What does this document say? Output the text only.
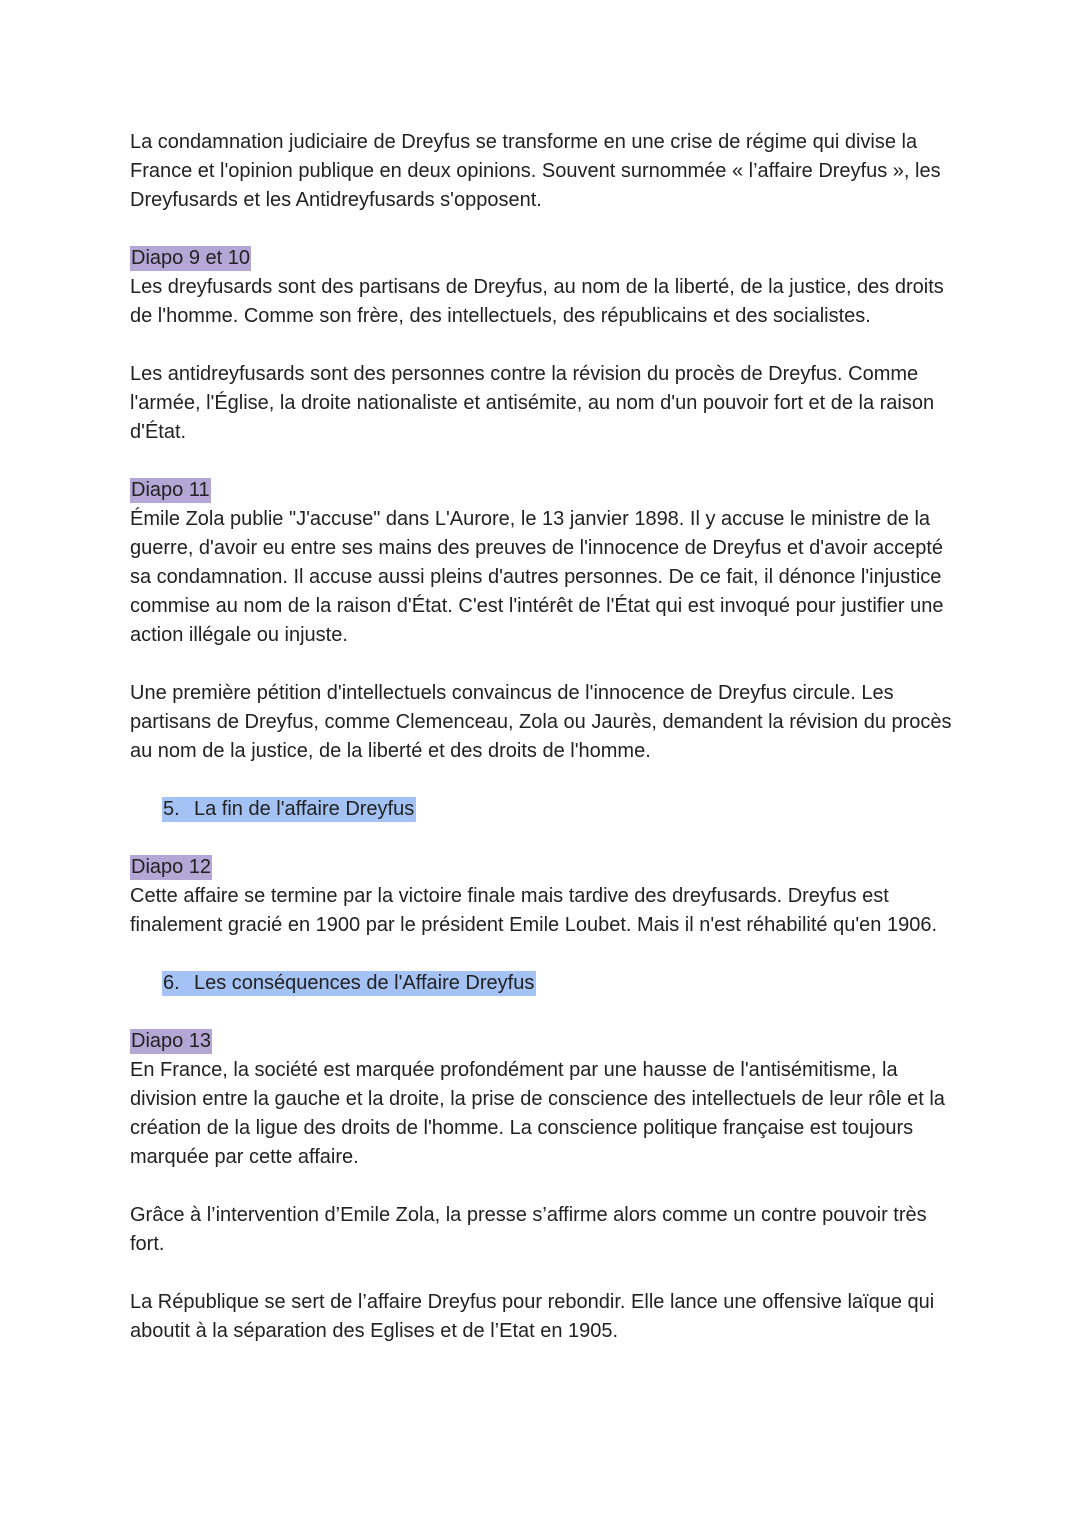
La condamnation judiciaire de Dreyfus se transforme en une crise de régime qui divise la France et l'opinion publique en deux opinions. Souvent surnommée « l’affaire Dreyfus », les Dreyfusards et les Antidreyfusards s'opposent.

Diapo 9 et 10

Les dreyfusards sont des partisans de Dreyfus, au nom de la liberté, de la justice, des droits de l'homme. Comme son frère, des intellectuels, des républicains et des socialistes.

Les antidreyfusards sont des personnes contre la révision du procès de Dreyfus. Comme l'armée, l'Église, la droite nationaliste et antisémite, au nom d'un pouvoir fort et de la raison d'État.

Diapo 11

Émile Zola publie "J'accuse" dans L'Aurore, le 13 janvier 1898. Il y accuse le ministre de la guerre, d'avoir eu entre ses mains des preuves de l'innocence de Dreyfus et d'avoir accepté sa condamnation. Il accuse aussi pleins d'autres personnes. De ce fait, il dénonce l'injustice commise au nom de la raison d'État. C'est l'intérêt de l'État qui est invoqué pour justifier une action illégale ou injuste.

Une première pétition d'intellectuels convaincus de l'innocence de Dreyfus circule. Les partisans de Dreyfus, comme Clemenceau, Zola ou Jaurès, demandent la révision du procès au nom de la justice, de la liberté et des droits de l'homme.

5. La fin de l'affaire Dreyfus
Diapo 12

Cette affaire se termine par la victoire finale mais tardive des dreyfusards. Dreyfus est finalement gracié en 1900 par le président Emile Loubet. Mais il n'est réhabilité qu'en 1906.

6. Les conséquences de l'Affaire Dreyfus
Diapo 13

En France, la société est marquée profondément par une hausse de l'antisémitisme, la division entre la gauche et la droite, la prise de conscience des intellectuels de leur rôle et la création de la ligue des droits de l'homme. La conscience politique française est toujours marquée par cette affaire.

Grâce à l’intervention d’Emile Zola, la presse s’affirme alors comme un contre pouvoir très fort.

La République se sert de l’affaire Dreyfus pour rebondir. Elle lance une offensive laïque qui aboutit à la séparation des Eglises et de l’Etat en 1905.
